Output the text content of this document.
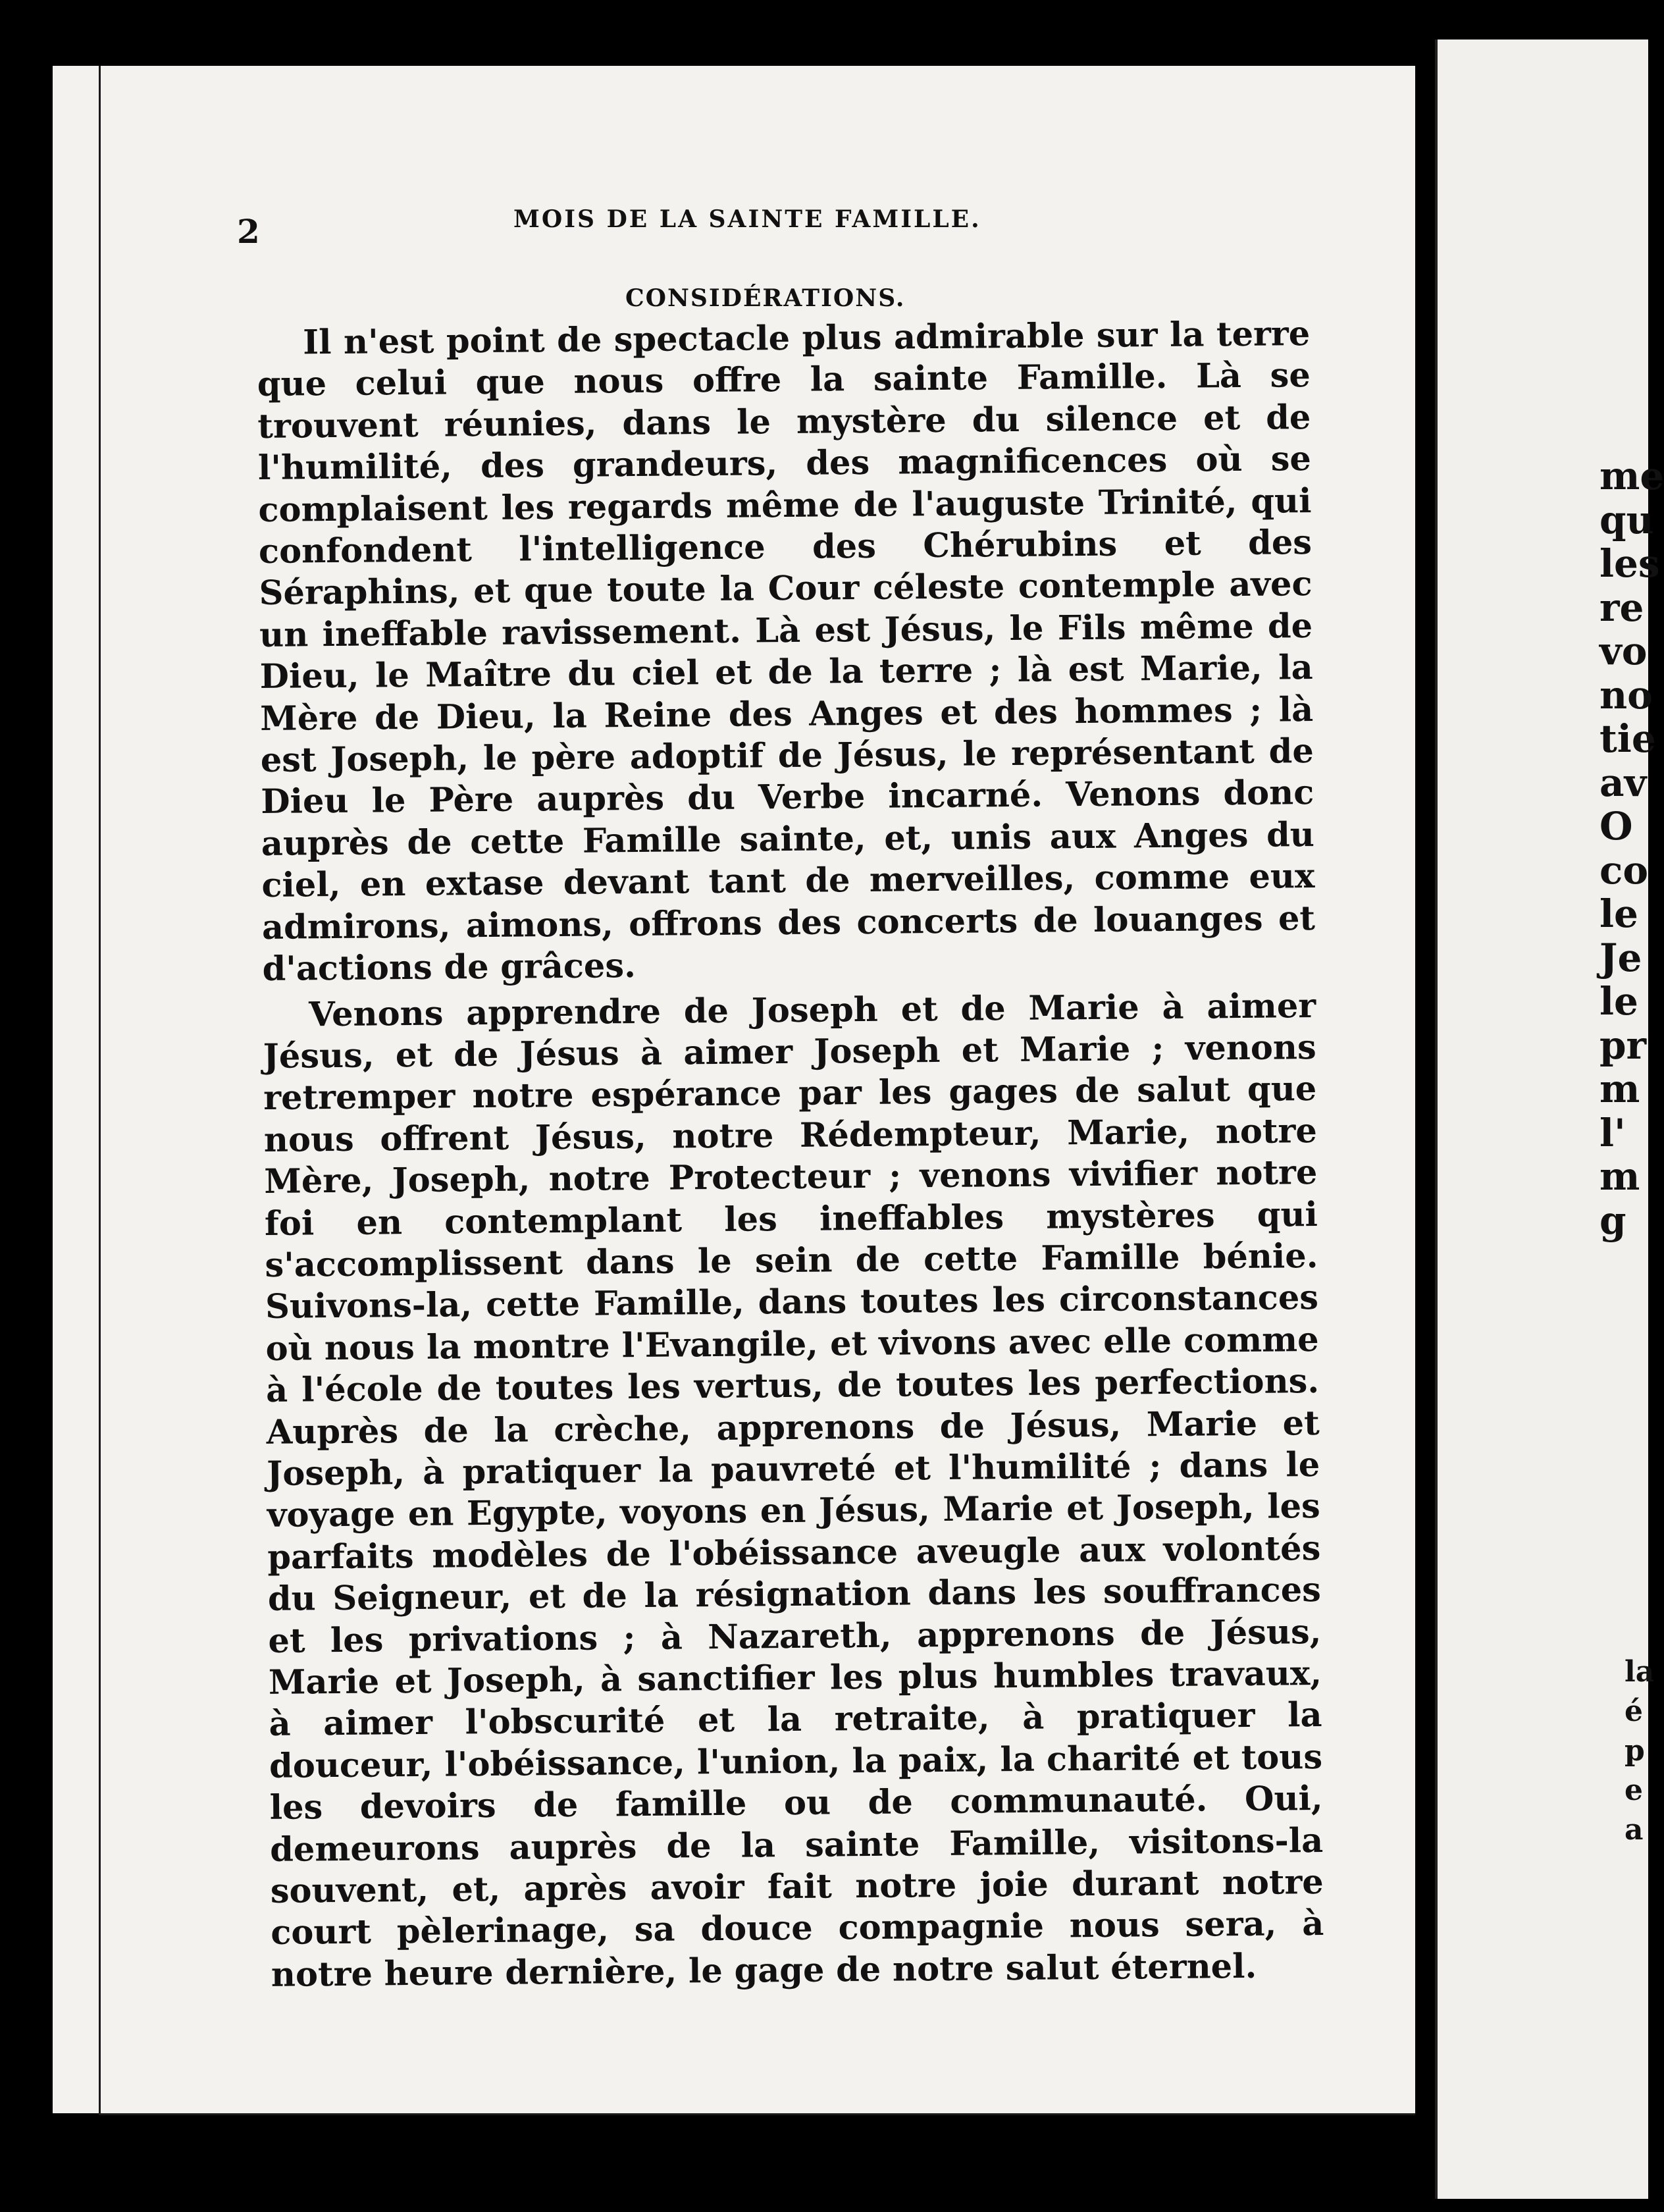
2	MOIS DE LA SAINTE FAMILLE.
CONSIDÉRATIONS.

Il n'est point de spectacle plus admirable sur la terre que celui que nous offre la sainte Famille. Là se trouvent réunies, dans le mystère du silence et de l'humilité, des grandeurs, des magnificences où se complaisent les regards même de l'auguste Trinité, qui confondent l'intelligence des Chérubins et des Séraphins, et que toute la Cour céleste contemple avec un ineffable ravissement. Là est Jésus, le Fils même de Dieu, le Maître du ciel et de la terre ; là est Marie, la Mère de Dieu, la Reine des Anges et des hommes ; là est Joseph, le père adoptif de Jésus, le représentant de Dieu le Père auprès du Verbe incarné. Venons donc auprès de cette Famille sainte, et, unis aux Anges du ciel, en extase devant tant de merveilles, comme eux admirons, aimons, offrons des concerts de louanges et d'actions de grâces.

Venons apprendre de Joseph et de Marie à aimer Jésus, et de Jésus à aimer Joseph et Marie ; venons retremper notre espérance par les gages de salut que nous offrent Jésus, notre Rédempteur, Marie, notre Mère, Joseph, notre Protecteur ; venons vivifier notre foi en contemplant les ineffables mystères qui s'accomplissent dans le sein de cette Famille bénie. Suivons-la, cette Famille, dans toutes les circonstances où nous la montre l'Evangile, et vivons avec elle comme à l'école de toutes les vertus, de toutes les perfections. Auprès de la crèche, apprenons de Jésus, Marie et Joseph, à pratiquer la pauvreté et l'humilité ; dans le voyage en Egypte, voyons en Jésus, Marie et Joseph, les parfaits modèles de l'obéissance aveugle aux volontés du Seigneur, et de la résignation dans les souffrances et les privations ; à Nazareth, apprenons de Jésus, Marie et Joseph, à sanctifier les plus humbles travaux, à aimer l'obscurité et la retraite, à pratiquer la douceur, l'obéissance, l'union, la paix, la charité et tous les devoirs de famille ou de communauté. Oui, demeurons auprès de la sainte Famille, visitons-la souvent, et, après avoir fait notre joie durant notre court pèlerinage, sa douce compagnie nous sera, à notre heure dernière, le gage de notre salut éternel.

me
qu
les
re
vo
no
tie
av
O
co
le
Je
le
pr
m
l'
m
g
la
é
p
e
a
